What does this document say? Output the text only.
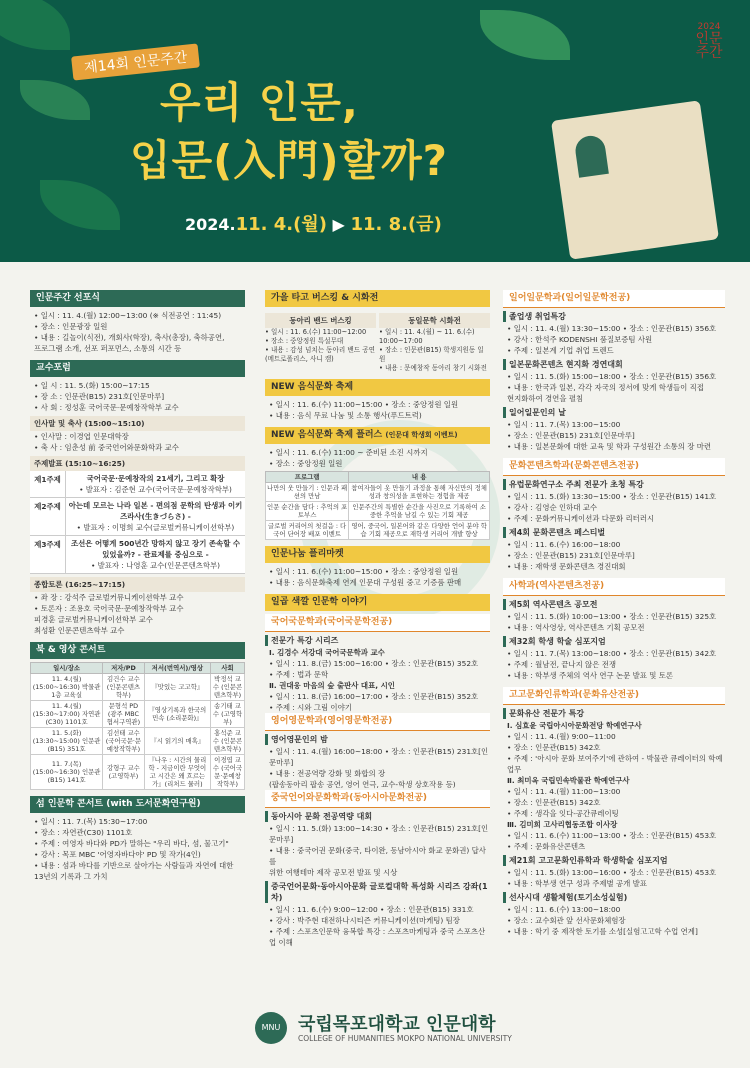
제14회 인문주간
우리 인문,
입문(入門)할까?
2024.11. 4.(월) ▶ 11. 8.(금)
2024
인문주간
인문주간 선포식
• 일시 : 11. 4.(월) 12:00~13:00 (※ 식전공연 : 11:45)
• 장소 : 인문광장 일원
• 내용 : 길놀이(식전), 개회사(학장), 축사(총장), 축하공연,
프로그램 소개, 선포 퍼포먼스, 소통의 시간 등
교수포럼
• 일 시 : 11. 5.(화) 15:00~17:15
• 장 소 : 인문관(B15) 231호[인문마루]
• 사 회 : 정성훈 국어국문·문예창작학부 교수
인사말 및 축사 (15:00~15:10)
• 인사말 : 이경엽 인문대학장
• 축 사 : 임춘성 前 중국언어와문화학과 교수
주제발표 (15:10~16:25)
제1주제	국어국문·문예창작의 21세기, 그리고 확장
• 발표자 : 김준현 교수(국어국문·문예창작학부)
제2주제	아는데 모르는 나라 일본 - 편의점 문학의 탄생과 이키즈라사(生きづらさ) -
• 발표자 : 이명희 교수(글로벌커뮤니케이션학부)
제3주제	조선은 어떻게 500년간 망하지 않고 장기 존속할 수 있었을까? - 관료제를 중심으로 -
• 발표자 : 나영훈 교수(인문콘텐츠학부)
종합토론 (16:25~17:15)
• 좌 장 : 강석주 글로벌커뮤니케이션학부 교수
• 토론자 : 조용호 국어국문·문예창작학부 교수
피경훈 글로벌커뮤니케이션학부 교수
최성환 인문콘텐츠학부 교수
북 & 영상 콘서트
일시/장소	저자/PD	저서(번역서)/영상	사회
11. 4.(월) (15:00~16:30) 박물관 1층 교육실	김건수 교수 (인문콘텐츠학부)	『맛있는 고고학』	박정석 교수 (인문콘텐츠학부)
11. 4.(월) (15:30~17:00) 자연관(C30) 1101호	문형석 PD (광주 MBC 협서구역관)	『영상기록과 한국의 민속 (소리문화)』	송기태 교수 (고영학부)
11. 5.(화) (13:30~15:00) 인문관(B15) 351호	김선태 교수 (국어국문·문예창작학부)	『시 읽기의 매혹』	홍석준 교수 (인문콘텐츠학부)
11. 7.(목) (15:00~16:30) 인문관(B15) 141호	강형구 교수 (고영학부)	『나우 : 시간의 물리학 - 지금이란 무엇이고 시간은 왜 흐르는가』(리처드 뮬러)	이경엽 교수 (국어국문·문예창작학부)
섬 인문학 콘서트 (with 도서문화연구원)
• 일시 : 11. 7.(목) 15:30~17:00
• 장소 : 자연관(C30) 1101호
• 주제 : 여영자 바다와 PD가 말하는 "우리 바다, 섬, 물고기"
• 강사 : 목포 MBC '어영자바다야' PD 및 작가(4인)
• 내용 : 섬과 바다를 기반으로 살아가는 사람들과 자연에 대한
13년의 기록과 그 가치
가을 타고 버스킹 & 시화전
동아리 밴드 버스킹
• 일시 : 11. 6.(수) 11:00~12:00
• 장소 : 중앙정원 특설무대
• 내용 : 감성 넘치는 동아리 밴드 공연 (메트로폴리스, 사니 캠)
동일문학 시화전
• 일시 : 11. 4.(월) ~ 11. 6.(수) 10:00~17:00
• 장소 : 인문관(B15) 학생지원동 일원
• 내용 : 문예창작 동아리 창기 시화전
NEW 음식문화 축제
• 일시 : 11. 6.(수) 11:00~15:00 • 장소 : 중앙정원 일원
• 내용 : 음식 무료 나눔 및 소통 행사(푸드트럭)
NEW 음식문화 축제 플러스 (인문대 학생회 이벤트)
• 일시 : 11. 6.(수) 11:00 ~ 준비된 소진 시까지
• 장소 : 중앙정원 일원
프로그램	내 용
나만의 웃 만들기 : 인문과 패션의 만남	참여자들이 옷 만들기 과정을 통해 자신만의 정체성과 창의성을 표현하는 경험을 제공
인문 순간을 담다 : 추억의 포토부스	인문주간의 특별한 순간을 사진으로 기록하여 소중한 추억을 남길 수 있는 기회 제공
글로벌 커리어의 첫걸음 : 다국어 단어장 배포 이벤트	영어, 중국어, 일본어와 같은 다양한 언어 분야 학습 기회 제공으로 재학생 커리어 개발 향상
인문나눔 플리마켓
• 일시 : 11. 6.(수) 11:00~15:00 • 장소 : 중앙정원 일원
• 내용 : 음식문화축제 연계 인문대 구성원 중고 기증품 판매
일곱 색깔 인문학 이야기
국어국문학과(국어국문학전공)
전문가 특강 시리즈
Ⅰ. 김경수 서강대 국어국문학과 교수
• 일시 : 11. 8.(금) 15:00~16:00 • 장소 : 인문관(B15) 352호
• 주제 : 법과 문학
Ⅱ. 권대웅 마음의 숲 출판사 대표, 시인
• 일시 : 11. 8.(금) 16:00~17:00 • 장소 : 인문관(B15) 352호
• 주제 : 시와 그림 이야기
영어영문학과(영어영문학전공)
영어영문인의 밤
• 일시 : 11. 4.(월) 16:00~18:00 • 장소 : 인문관(B15) 231호[인문마루]
• 내용 : 전공역량 강화 및 화합의 장
(팝송동아리 팝송 공연, 영어 연극, 교수-학생 상호작용 등)
중국언어와문화학과(동아시아문화전공)
동아시아 문화 전공역량 대회
• 일시 : 11. 5.(화) 13:00~14:30 • 장소 : 인문관(B15) 231호[인문마루]
• 내용 : 중국어권 문화(중국, 타이완, 동남아시아 화교 문화권) 답사를
위한 여행테마 제작 공모전 발표 및 시상
중국언어문화·동아시아문화 글로컬대학 특성화 시리즈 강좌(1차)
• 일시 : 11. 6.(수) 9:00~12:00 • 장소 : 인문관(B15) 331호
• 강사 : 박주현 대전하나시티즌 커뮤니케이션(마케팅) 팀장
• 주제 : 스포츠인문학 융복합 특강 : 스포츠마케팅과 중국 스포츠산업 이해
일어일문학과(일어일문학전공)
졸업생 취업특강
• 일시 : 11. 4.(월) 13:30~15:00 • 장소 : 인문관(B15) 356호
• 강사 : 한석주 KODENSHI 품질보증팀 사원
• 주제 : 일본계 기업 취업 트렌드
일본문화콘텐츠 현지화 경연대회
• 일시 : 11. 5.(화) 15:00~18:00 • 장소 : 인문관(B15) 356호
• 내용 : 한국과 일본, 각각 자국의 정서에 맞게 학생들이 직접
현지화하여 경연을 펼침
일어일문인의 날
• 일시 : 11. 7.(목) 13:00~15:00
• 장소 : 인문관(B15) 231호[인문마루]
• 내용 : 일본문화에 대한 교육 및 학과 구성원간 소통의 장 마련
문화콘텐츠학과(문화콘텐츠전공)
유럽문화연구소 주최 전문가 초청 특강
• 일시 : 11. 5.(화) 13:30~15:00 • 장소 : 인문관(B15) 141호
• 강사 : 김영순 인하대 교수
• 주제 : 문화커뮤니케이션과 다문화 리터러시
제4회 문화콘텐츠 페스티벌
• 일시 : 11. 6.(수) 16:00~18:00
• 장소 : 인문관(B15) 231호[인문마루]
• 내용 : 재학생 문화콘텐츠 경진대회
사학과(역사콘텐츠전공)
제5회 역사콘텐츠 공모전
• 일시 : 11. 5.(화) 10:00~13:00 • 장소 : 인문관(B15) 325호
• 내용 : 역사영상, 역사콘텐츠 기획 공모전
제32회 학생 학술 심포지엄
• 일시 : 11. 7.(목) 13:00~18:00 • 장소 : 인문관(B15) 342호
• 주제 : 월남전, 끝나지 않은 전쟁
• 내용 : 학부생 주체의 역사 연구 논문 발표 및 토론
고고문화인류학과(문화유산전공)
문화유산 전문가 특강
Ⅰ. 심효윤 국립아시아문화전당 학예연구사
• 일시 : 11. 4.(월) 9:00~11:00
• 장소 : 인문관(B15) 342호
• 주제 : '아시아 문화 보여주기'에 관하여 - 박물관 큐레이터의 학예 업무
Ⅱ. 최미옥 국립민속박물관 학예연구사
• 일시 : 11. 4.(월) 11:00~13:00
• 장소 : 인문관(B15) 342호
• 주제 : 생각을 잇다-공간큐레이팅
Ⅲ. 김미희 고사리협동조합 이사장
• 일시 : 11. 6.(수) 11:00~13:00 • 장소 : 인문관(B15) 453호
• 주제 : 문화유산콘텐츠
제21회 고고문화인류학과 학생학술 심포지엄
• 일시 : 11. 5.(화) 13:00~16:00 • 장소 : 인문관(B15) 453호
• 내용 : 학부생 연구 성과 주제별 공개 발표
선사시대 생활체험(토기소성실험)
• 일시 : 11. 6.(수) 13:00~18:00
• 장소 : 교수회관 앞 선사문화체험장
• 내용 : 학기 중 제작한 토기를 소성[실험고고학 수업 연계]
MNU 국립목포대학교 인문대학
COLLEGE OF HUMANITIES MOKPO NATIONAL UNIVERSITY
